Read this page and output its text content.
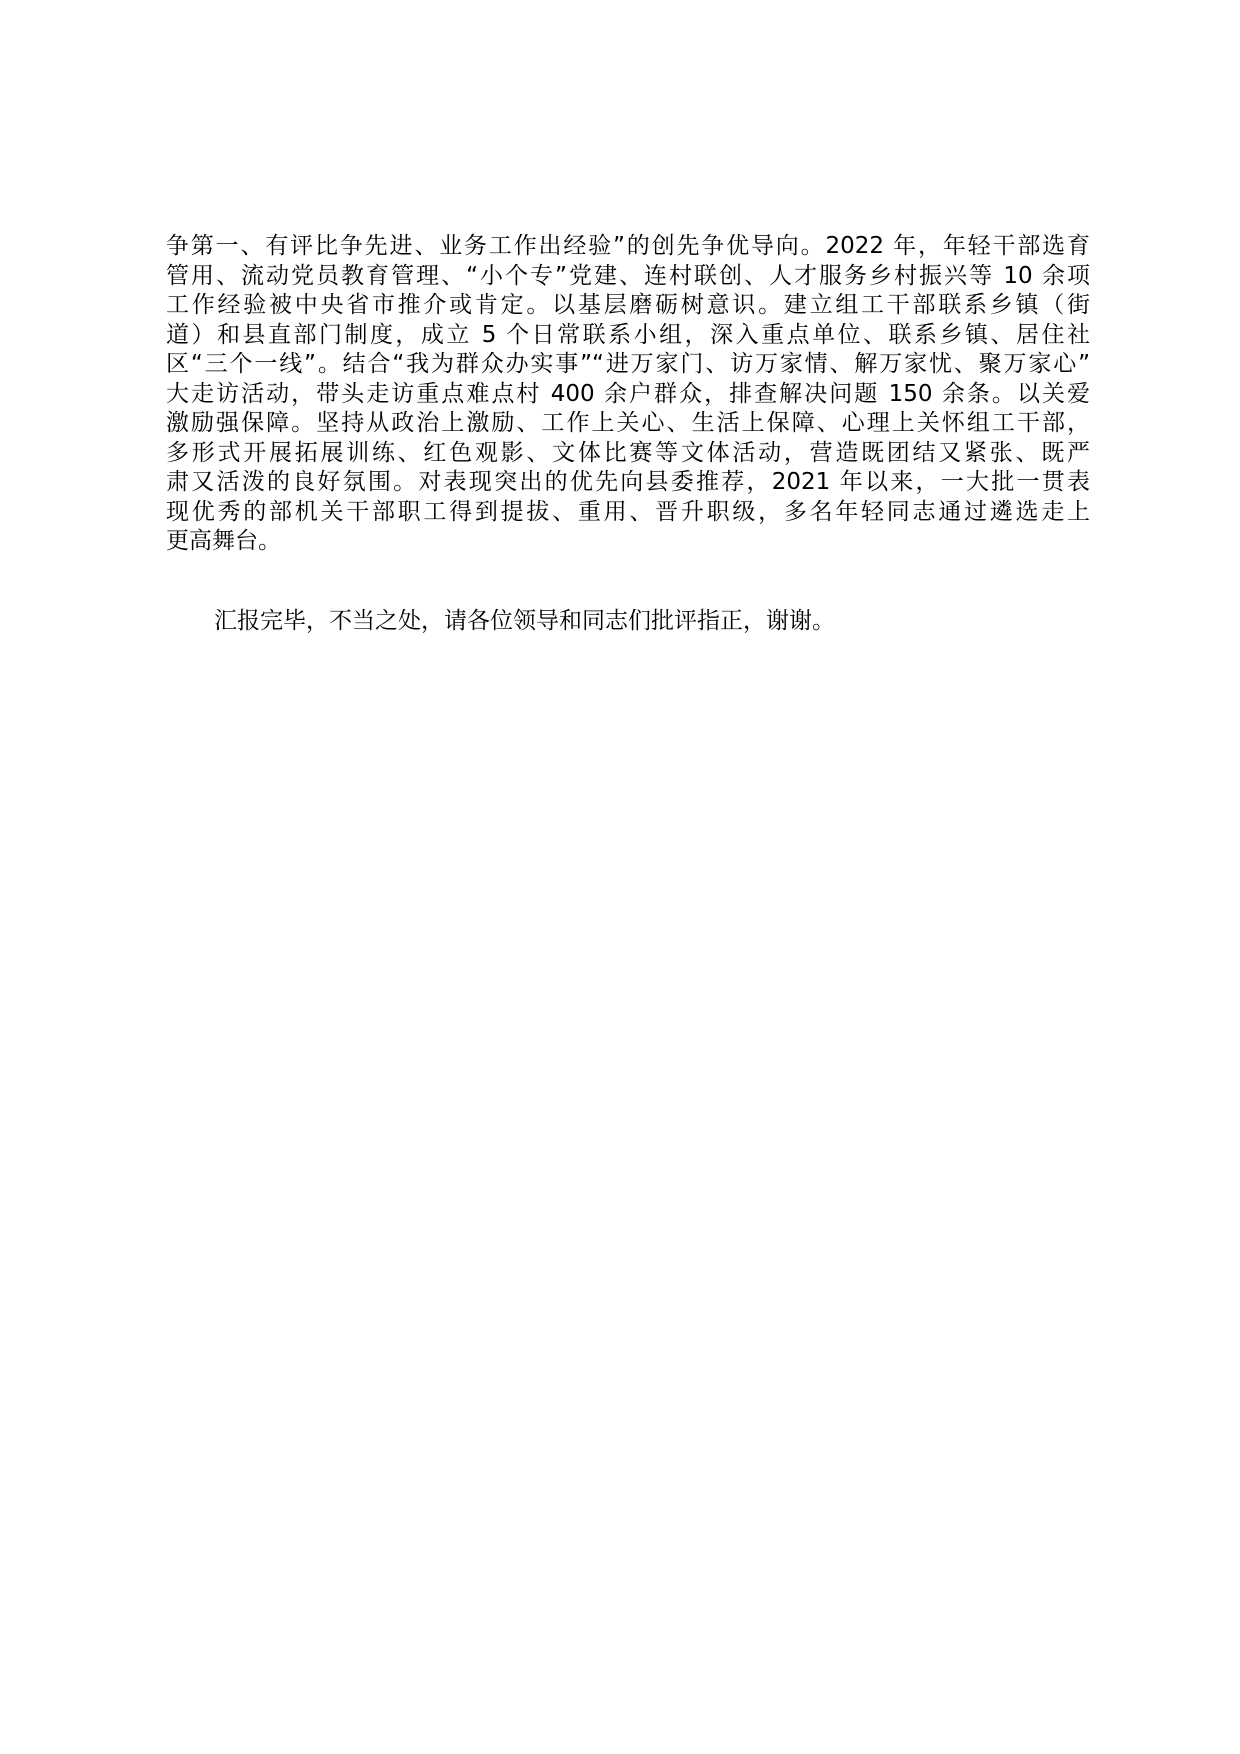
争第一、有评比争先进、业务工作出经验”的创先争优导向。2022 年，年轻干部选育
管用、流动党员教育管理、“小个专”党建、连村联创、人才服务乡村振兴等 10 余项
工作经验被中央省市推介或肯定。以基层磨砺树意识。建立组工干部联系乡镇（街
道）和县直部门制度，成立 5 个日常联系小组，深入重点单位、联系乡镇、居住社
区“三个一线”。结合“我为群众办实事”“进万家门、访万家情、解万家忧、聚万家心”
大走访活动，带头走访重点难点村 400 余户群众，排查解决问题 150 余条。以关爱
激励强保障。坚持从政治上激励、工作上关心、生活上保障、心理上关怀组工干部，
多形式开展拓展训练、红色观影、文体比赛等文体活动，营造既团结又紧张、既严
肃又活泼的良好氛围。对表现突出的优先向县委推荐，2021 年以来，一大批一贯表
现优秀的部机关干部职工得到提拔、重用、晋升职级，多名年轻同志通过遴选走上
更高舞台。
汇报完毕，不当之处，请各位领导和同志们批评指正，谢谢。
